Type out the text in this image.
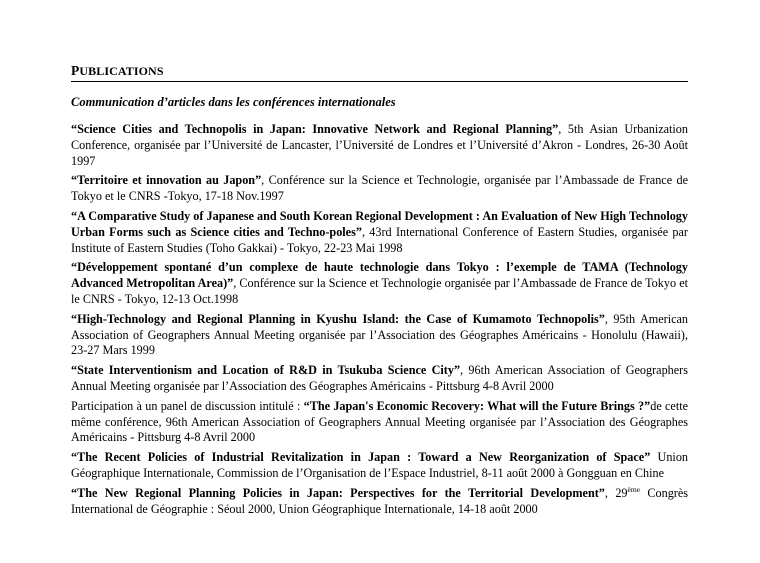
PUBLICATIONS
Communication d’articles dans les conférences internationales

“Science Cities and Technopolis in Japan: Innovative Network and Regional Planning”, 5th Asian Urbanization Conference, organisée par l’Université de Lancaster, l’Université de Londres et l’Université d’Akron - Londres, 26-30 Août 1997

“Territoire et innovation au Japon”, Conférence sur la Science et Technologie, organisée par l’Ambassade de France de Tokyo et le CNRS -Tokyo, 17-18 Nov.1997

“A Comparative Study of Japanese and South Korean Regional Development : An Evaluation of New High Technology Urban Forms such as Science cities and Techno-poles”, 43rd International Conference of Eastern Studies, organisée par Institute of Eastern Studies (Toho Gakkai) - Tokyo, 22-23 Mai 1998

“Développement spontané d’un complexe de haute technologie dans Tokyo : l’exemple de TAMA (Technology Advanced Metropolitan Area)”, Conférence sur la Science et Technologie organisée par l’Ambassade de France de Tokyo et le CNRS - Tokyo, 12-13 Oct.1998

“High-Technology and Regional Planning in Kyushu Island: the Case of Kumamoto Technopolis”, 95th American Association of Geographers Annual Meeting organisée par l’Association des Géographes Américains - Honolulu (Hawaii), 23-27 Mars 1999

“State Interventionism and Location of R&D in Tsukuba Science City”, 96th American Association of Geographers Annual Meeting organisée par l’Association des Géographes Américains - Pittsburg 4-8 Avril 2000

Participation à un panel de discussion intitulé : “The Japan's Economic Recovery: What will the Future Brings ?”de cette même conférence, 96th American Association of Geographers Annual Meeting organisée par l’Association des Géographes Américains - Pittsburg 4-8 Avril 2000

“The Recent Policies of Industrial Revitalization in Japan : Toward a New Reorganization of Space” Union Géographique Internationale, Commission de l’Organisation de l’Espace Industriel, 8-11 août 2000 à Gongguan en Chine

“The New Regional Planning Policies in Japan: Perspectives for the Territorial Development”, 29ème Congrès International de Géographie : Séoul 2000, Union Géographique Internationale, 14-18 août 2000
